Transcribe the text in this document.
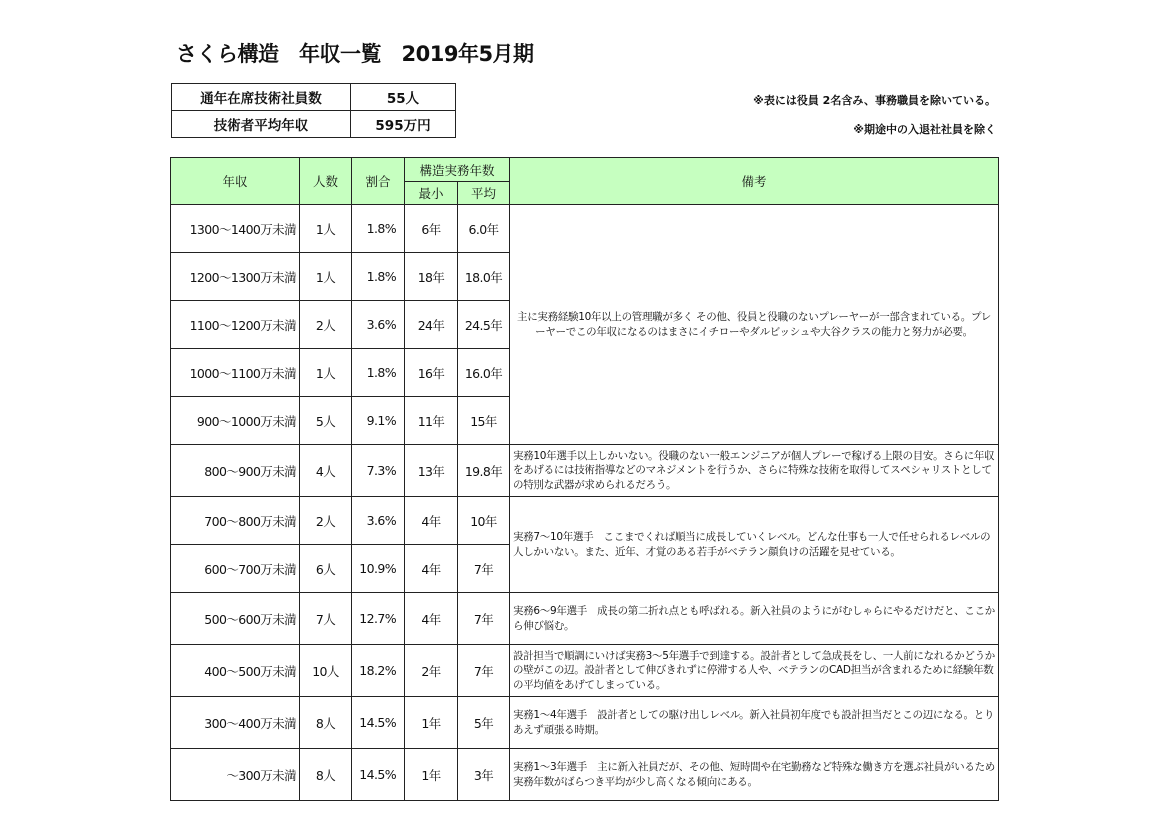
さくら構造　年収一覧　2019年5月期
通年在席技術社員数	55人
技術者平均年収	595万円
※表には役員 2名含み、事務職員を除いている。
※期途中の入退社社員を除く
年収	人数	割合	構造実務年数		備考
			最小	平均	
1300～1400万未満	1人	1.8%	6年	6.0年	主に実務経験10年以上の管理職が多く その他、役員と役職のないプレーヤーが一部含まれている。プレーヤーでこの年収になるのはまさにイチローやダルビッシュや大谷クラスの能力と努力が必要。
1200～1300万未満	1人	1.8%	18年	18.0年	
1100～1200万未満	2人	3.6%	24年	24.5年	
1000～1100万未満	1人	1.8%	16年	16.0年	
900～1000万未満	5人	9.1%	11年	15年	
800～900万未満	4人	7.3%	13年	19.8年	実務10年選手以上しかいない。役職のない一般エンジニアが個人プレーで稼げる上限の目安。さらに年収をあげるには技術指導などのマネジメントを行うか、さらに特殊な技術を取得してスペシャリストとしての特別な武器が求められるだろう。
700～800万未満	2人	3.6%	4年	10年	実務7～10年選手　ここまでくれば順当に成長していくレベル。どんな仕事も一人で任せられるレベルの人しかいない。また、近年、才覚のある若手がベテラン顔負けの活躍を見せている。
600～700万未満	6人	10.9%	4年	7年	
500～600万未満	7人	12.7%	4年	7年	実務6～9年選手　成長の第二折れ点とも呼ばれる。新入社員のようにがむしゃらにやるだけだと、ここから伸び悩む。
400～500万未満	10人	18.2%	2年	7年	設計担当で順調にいけば実務3～5年選手で到達する。設計者として急成長をし、一人前になれるかどうかの壁がこの辺。設計者として伸びきれずに停滞する人や、ベテランのCAD担当が含まれるために経験年数の平均値をあげてしまっている。
300～400万未満	8人	14.5%	1年	5年	実務1～4年選手　設計者としての駆け出しレベル。新入社員初年度でも設計担当だとこの辺になる。とりあえず頑張る時期。
～300万未満	8人	14.5%	1年	3年	実務1～3年選手　主に新入社員だが、その他、短時間や在宅勤務など特殊な働き方を選ぶ社員がいるため実務年数がばらつき平均が少し高くなる傾向にある。
